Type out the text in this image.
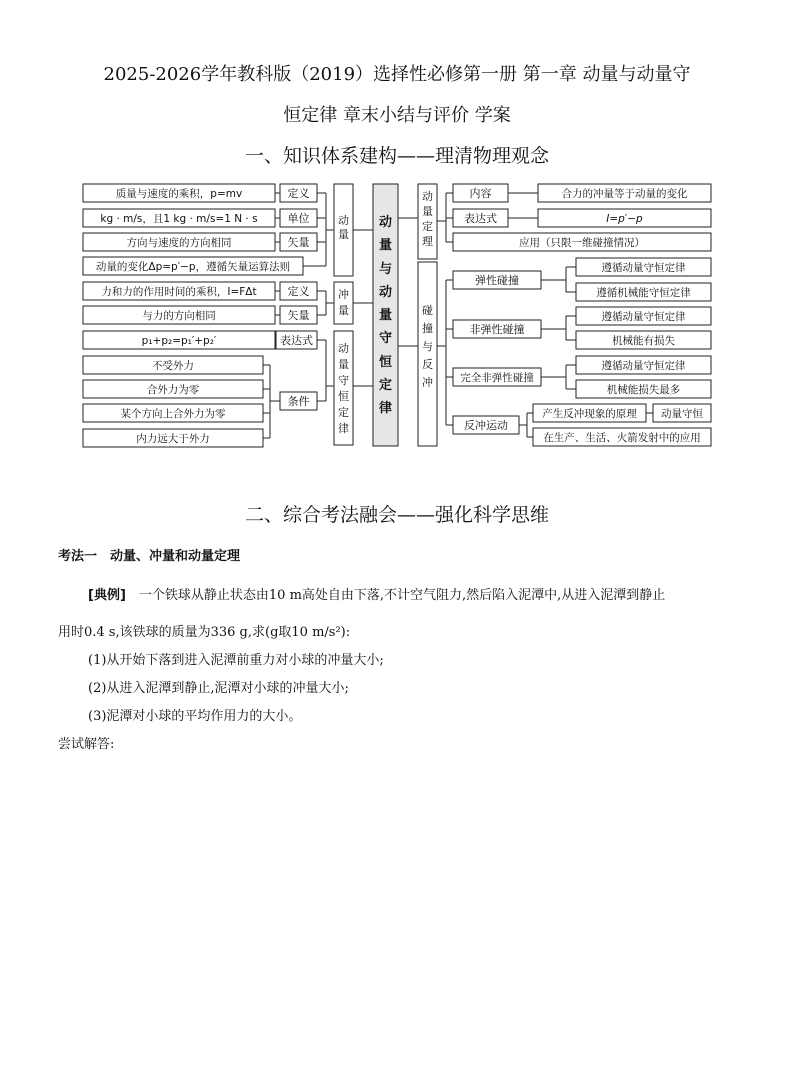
2025-2026学年教科版（2019）选择性必修第一册 第一章 动量与动量守
恒定律 章末小结与评价 学案
一、知识体系建构——理清物理观念
质量与速度的乘积，p=mv
kg · m/s，且1 kg · m/s=1 N · s
方向与速度的方向相同
动量的变化Δp=p′−p，遵循矢量运算法则
定义
单位
矢量
动
量
力和力的作用时间的乘积，I=FΔt
与力的方向相同
定义
矢量
冲
量
p₁+p₂=p₁′+p₂′	表达式
不受外力
合外力为零
某个方向上合外力为零
内力远大于外力
条件
动
量
守
恒
定
律
动
量
与
动
量
守
恒
定
律
动
量
定
理
内容	合力的冲量等于动量的变化
表达式	I=p′−p
应用（只限一维碰撞情况）
碰
撞
与
反
冲
弹性碰撞
非弹性碰撞
完全非弹性碰撞
反冲运动
遵循动量守恒定律
遵循机械能守恒定律
遵循动量守恒定律
机械能有损失
遵循动量守恒定律
机械能损失最多
产生反冲现象的原理 动量守恒
在生产、生活、火箭发射中的应用
二、综合考法融会——强化科学思维
考法一　动量、冲量和动量定理
[典例]　一个铁球从静止状态由10 m高处自由下落,不计空气阻力,然后陷入泥潭中,从进入泥潭到静止
用时0.4 s,该铁球的质量为336 g,求(g取10 m/s²):
(1)从开始下落到进入泥潭前重力对小球的冲量大小;
(2)从进入泥潭到静止,泥潭对小球的冲量大小;
(3)泥潭对小球的平均作用力的大小。
尝试解答:
